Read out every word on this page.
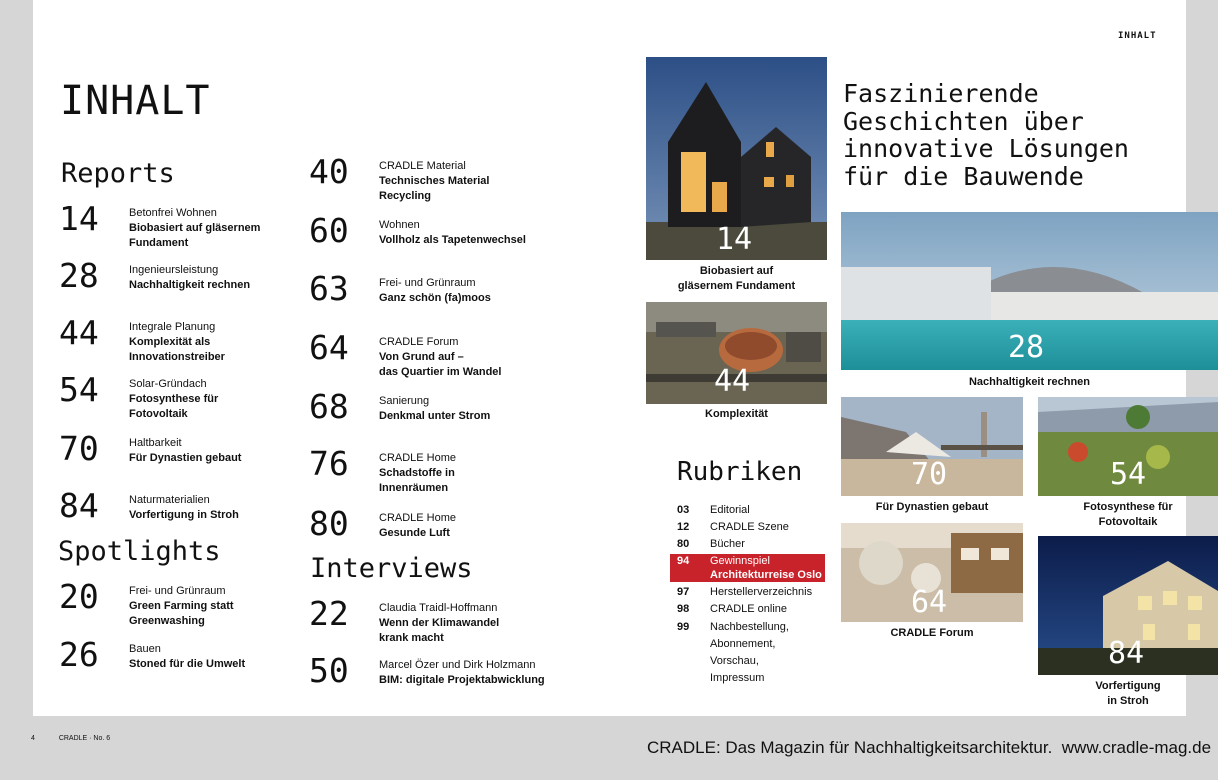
INHALT
INHALT
Reports
14	Betonfrei Wohnen
Biobasiert auf gläsernem
Fundament
28	Ingenieursleistung
Nachhaltigkeit rechnen
44	Integrale Planung
Komplexität als
Innovationstreiber
54	Solar-Gründach
Fotosynthese für
Fotovoltaik
70	Haltbarkeit
Für Dynastien gebaut
84	Naturmaterialien
Vorfertigung in Stroh
Spotlights
20	Frei- und Grünraum
Green Farming statt
Greenwashing
26	Bauen
Stoned für die Umwelt
40	CRADLE Material
Technisches Material
Recycling
60	Wohnen
Vollholz als Tapetenwechsel
63	Frei- und Grünraum
Ganz schön (fa)moos
64	CRADLE Forum
Von Grund auf –
das Quartier im Wandel
68	Sanierung
Denkmal unter Strom
76	CRADLE Home
Schadstoffe in
Innenräumen
80	CRADLE Home
Gesunde Luft
Interviews
22	Claudia Traidl-Hoffmann
Wenn der Klimawandel
krank macht
50	Marcel Özer und Dirk Holzmann
BIM: digitale Projektabwicklung
14
Biobasiert auf
gläsernem Fundament
44
Komplexität
Faszinierende
Geschichten über
innovative Lösungen
für die Bauwende
28
Nachhaltigkeit rechnen
70
Für Dynastien gebaut
54
Fotosynthese für
Fotovoltaik
64
CRADLE Forum
84
Vorfertigung
in Stroh
Rubriken
03 Editorial
12 CRADLE Szene
80 Bücher
94 Gewinnspiel
Architekturreise Oslo
97 Herstellerverzeichnis
98 CRADLE online
99 Nachbestellung,
Abonnement,
Vorschau,
Impressum
4	CRADLE · No. 6	CRADLE: Das Magazin für Nachhaltigkeitsarchitektur.  www.cradle-mag.de
